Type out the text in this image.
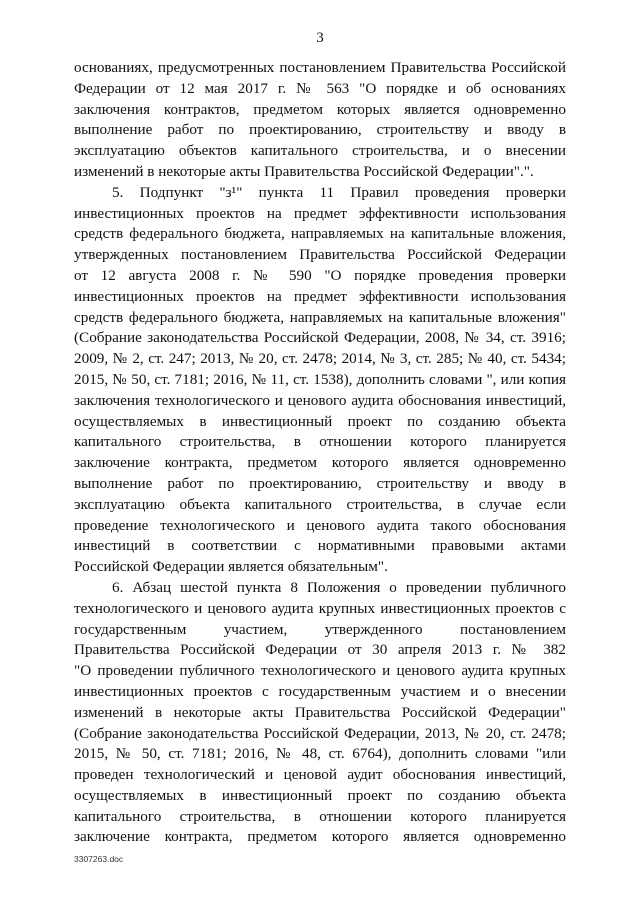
3
основаниях, предусмотренных постановлением Правительства Российской
Федерации от 12 мая 2017 г. № 563 "О порядке и об основаниях
заключения контрактов, предметом которых является одновременно
выполнение работ по проектированию, строительству и вводу в
эксплуатацию объектов капитального строительства, и о внесении
изменений в некоторые акты Правительства Российской Федерации".".
5. Подпункт "з¹" пункта 11 Правил проведения проверки
инвестиционных проектов на предмет эффективности использования
средств федерального бюджета, направляемых на капитальные вложения,
утвержденных постановлением Правительства Российской Федерации
от 12 августа 2008 г. № 590 "О порядке проведения проверки
инвестиционных проектов на предмет эффективности использования
средств федерального бюджета, направляемых на капитальные вложения"
(Собрание законодательства Российской Федерации, 2008, № 34, ст. 3916;
2009, № 2, ст. 247; 2013, № 20, ст. 2478; 2014, № 3, ст. 285; № 40, ст. 5434;
2015, № 50, ст. 7181; 2016, № 11, ст. 1538), дополнить словами ", или копия
заключения технологического и ценового аудита обоснования инвестиций,
осуществляемых в инвестиционный проект по созданию объекта
капитального строительства, в отношении которого планируется
заключение контракта, предметом которого является одновременно
выполнение работ по проектированию, строительству и вводу в
эксплуатацию объекта капитального строительства, в случае если
проведение технологического и ценового аудита такого обоснования
инвестиций в соответствии с нормативными правовыми актами
Российской Федерации является обязательным".
6. Абзац шестой пункта 8 Положения о проведении публичного
технологического и ценового аудита крупных инвестиционных проектов с
государственным участием, утвержденного постановлением
Правительства Российской Федерации от 30 апреля 2013 г. № 382
"О проведении публичного технологического и ценового аудита крупных
инвестиционных проектов с государственным участием и о внесении
изменений в некоторые акты Правительства Российской Федерации"
(Собрание законодательства Российской Федерации, 2013, № 20, ст. 2478;
2015, № 50, ст. 7181; 2016, № 48, ст. 6764), дополнить словами "или
проведен технологический и ценовой аудит обоснования инвестиций,
осуществляемых в инвестиционный проект по созданию объекта
капитального строительства, в отношении которого планируется
заключение контракта, предметом которого является одновременно
3307263.doc
